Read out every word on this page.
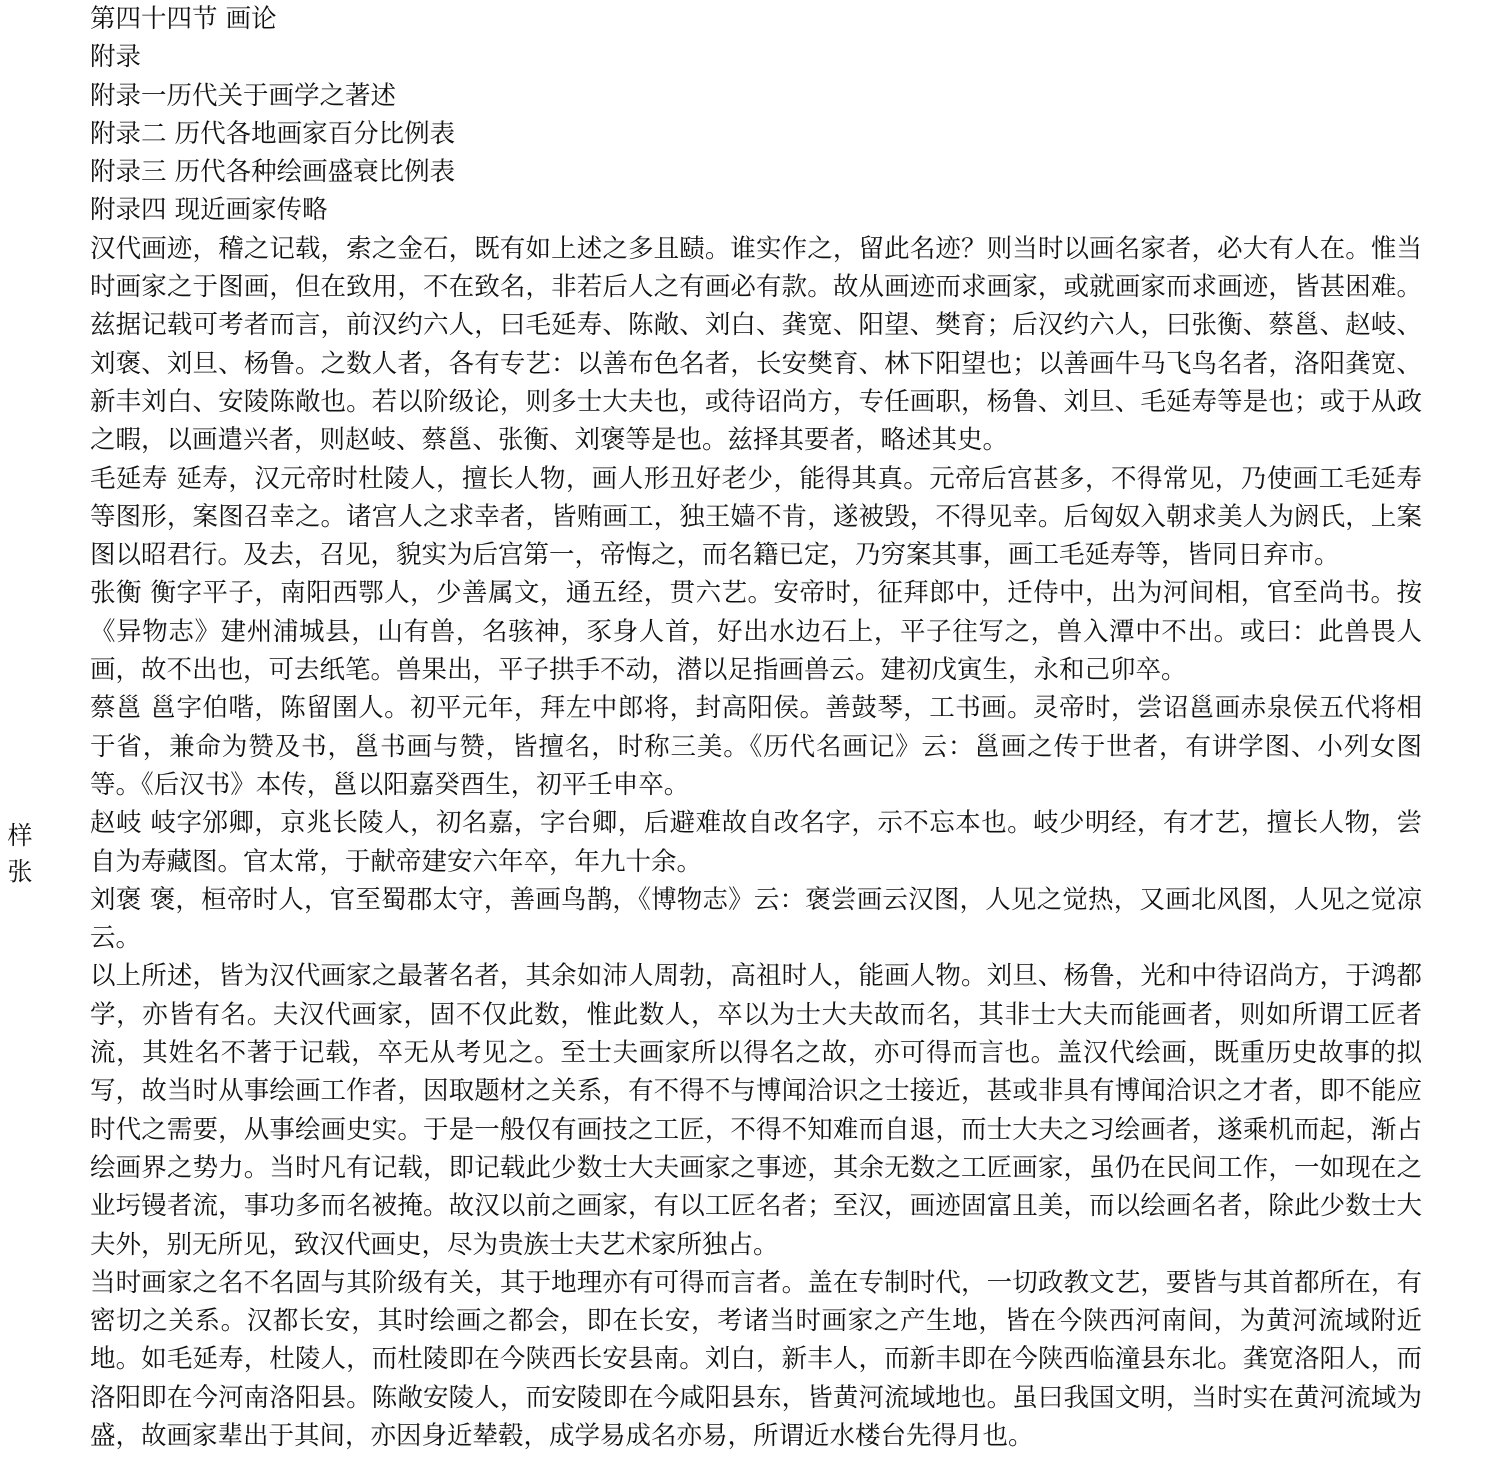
第四十四节 画论
附录
附录一历代关于画学之著述
附录二 历代各地画家百分比例表
附录三 历代各种绘画盛衰比例表
附录四 现近画家传略

汉代画迹，稽之记载，索之金石，既有如上述之多且赜。谁实作之，留此名迹？则当时以画名家者，必大有人在。惟当时画家之于图画，但在致用，不在致名，非若后人之有画必有款。故从画迹而求画家，或就画家而求画迹，皆甚困难。兹据记载可考者而言，前汉约六人，曰毛延寿、陈敞、刘白、龚宽、阳望、樊育；后汉约六人，曰张衡、蔡邕、赵岐、刘褒、刘旦、杨鲁。之数人者，各有专艺：以善布色名者，长安樊育、林下阳望也；以善画牛马飞鸟名者，洛阳龚宽、新丰刘白、安陵陈敞也。若以阶级论，则多士大夫也，或待诏尚方，专任画职，杨鲁、刘旦、毛延寿等是也；或于从政之暇，以画遣兴者，则赵岐、蔡邕、张衡、刘褒等是也。兹择其要者，略述其史。

毛延寿 延寿，汉元帝时杜陵人，擅长人物，画人形丑好老少，能得其真。元帝后宫甚多，不得常见，乃使画工毛延寿等图形，案图召幸之。诸宫人之求幸者，皆贿画工，独王嫱不肯，遂被毁，不得见幸。后匈奴入朝求美人为阏氏，上案图以昭君行。及去，召见，貌实为后宫第一，帝悔之，而名籍已定，乃穷案其事，画工毛延寿等，皆同日弃市。

张衡 衡字平子，南阳西鄂人，少善属文，通五经，贯六艺。安帝时，征拜郎中，迁侍中，出为河间相，官至尚书。按《异物志》建州浦城县，山有兽，名骇神，豕身人首，好出水边石上，平子往写之，兽入潭中不出。或曰：此兽畏人画，故不出也，可去纸笔。兽果出，平子拱手不动，潜以足指画兽云。建初戊寅生，永和己卯卒。

蔡邕 邕字伯喈，陈留圉人。初平元年，拜左中郎将，封高阳侯。善鼓琴，工书画。灵帝时，尝诏邕画赤泉侯五代将相于省，兼命为赞及书，邕书画与赞，皆擅名，时称三美。《历代名画记》云：邕画之传于世者，有讲学图、小列女图等。《后汉书》本传，邕以阳嘉癸酉生，初平壬申卒。

赵岐 岐字邠卿，京兆长陵人，初名嘉，字台卿，后避难故自改名字，示不忘本也。岐少明经，有才艺，擅长人物，尝自为寿藏图。官太常，于献帝建安六年卒，年九十余。

刘褒 褒，桓帝时人，官至蜀郡太守，善画鸟鹊，《博物志》云：褒尝画云汉图，人见之觉热，又画北风图，人见之觉凉云。

以上所述，皆为汉代画家之最著名者，其余如沛人周勃，高祖时人，能画人物。刘旦、杨鲁，光和中待诏尚方，于鸿都学，亦皆有名。夫汉代画家，固不仅此数，惟此数人，卒以为士大夫故而名，其非士大夫而能画者，则如所谓工匠者流，其姓名不著于记载，卒无从考见之。至士夫画家所以得名之故，亦可得而言也。盖汉代绘画，既重历史故事的拟写，故当时从事绘画工作者，因取题材之关系，有不得不与博闻洽识之士接近，甚或非具有博闻洽识之才者，即不能应时代之需要，从事绘画史实。于是一般仅有画技之工匠，不得不知难而自退，而士大夫之习绘画者，遂乘机而起，渐占绘画界之势力。当时凡有记载，即记载此少数士大夫画家之事迹，其余无数之工匠画家，虽仍在民间工作，一如现在之业圬镘者流，事功多而名被掩。故汉以前之画家，有以工匠名者；至汉，画迹固富且美，而以绘画名者，除此少数士大夫外，别无所见，致汉代画史，尽为贵族士夫艺术家所独占。

当时画家之名不名固与其阶级有关，其于地理亦有可得而言者。盖在专制时代，一切政教文艺，要皆与其首都所在，有密切之关系。汉都长安，其时绘画之都会，即在长安，考诸当时画家之产生地，皆在今陕西河南间，为黄河流域附近地。如毛延寿，杜陵人，而杜陵即在今陕西长安县南。刘白，新丰人，而新丰即在今陕西临潼县东北。龚宽洛阳人，而洛阳即在今河南洛阳县。陈敞安陵人，而安陵即在今咸阳县东，皆黄河流域地也。虽曰我国文明，当时实在黄河流域为盛，故画家辈出于其间，亦因身近辇毂，成学易成名亦易，所谓近水楼台先得月也。

样
张
